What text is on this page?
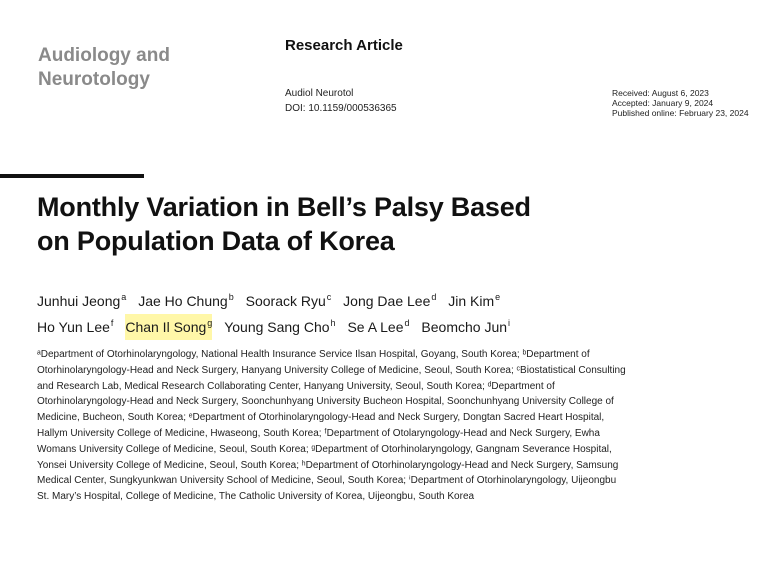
Audiology and
Neurotology
Research Article
Audiol Neurotol
DOI: 10.1159/000536365
Received: August 6, 2023
Accepted: January 9, 2024
Published online: February 23, 2024
Monthly Variation in Bell’s Palsy Based
on Population Data of Korea
Junhui Jeong$^a$ Jae Ho Chung$^b$ Soorack Ryu$^c$ Jong Dae Lee$^d$ Jin Kim$^e$
Ho Yun Lee$^f$ Chan Il Song$^g$ Young Sang Cho$^h$ Se A Lee$^d$ Beomcho Jun$^i$

ᵃDepartment of Otorhinolaryngology, National Health Insurance Service Ilsan Hospital, Goyang, South Korea; ᵇDepartment of Otorhinolaryngology-Head and Neck Surgery, Hanyang University College of Medicine, Seoul, South Korea; ᶜBiostatistical Consulting and Research Lab, Medical Research Collaborating Center, Hanyang University, Seoul, South Korea; ᵈDepartment of Otorhinolaryngology-Head and Neck Surgery, Soonchunhyang University Bucheon Hospital, Soonchunhyang University College of Medicine, Bucheon, South Korea; ᵉDepartment of Otorhinolaryngology-Head and Neck Surgery, Dongtan Sacred Heart Hospital, Hallym University College of Medicine, Hwaseong, South Korea; ᶠDepartment of Otolaryngology-Head and Neck Surgery, Ewha Womans University College of Medicine, Seoul, South Korea; ᵍDepartment of Otorhinolaryngology, Gangnam Severance Hospital, Yonsei University College of Medicine, Seoul, South Korea; ʰDepartment of Otorhinolaryngology-Head and Neck Surgery, Samsung Medical Center, Sungkyunkwan University School of Medicine, Seoul, South Korea; ⁱDepartment of Otorhinolaryngology, Uijeongbu St. Mary’s Hospital, College of Medicine, The Catholic University of Korea, Uijeongbu, South Korea
